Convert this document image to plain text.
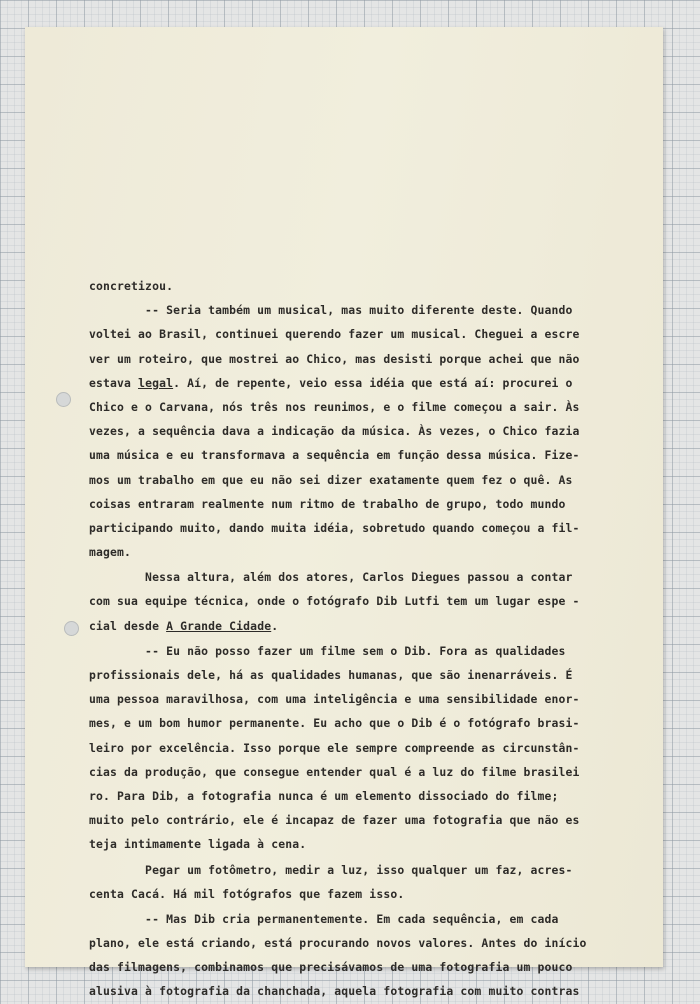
concretizou.
-- Seria também um musical, mas muito diferente deste. Quando
voltei ao Brasil, continuei querendo fazer um musical. Cheguei a escre
ver um roteiro, que mostrei ao Chico, mas desisti porque achei que não
estava legal. Aí, de repente, veio essa idéia que está aí: procurei o
Chico e o Carvana, nós três nos reunimos, e o filme começou a sair. Às
vezes, a sequência dava a indicação da música. Às vezes, o Chico fazia
uma música e eu transformava a sequência em função dessa música. Fize-
mos um trabalho em que eu não sei dizer exatamente quem fez o quê. As
coisas entraram realmente num ritmo de trabalho de grupo, todo mundo
participando muito, dando muita idéia, sobretudo quando começou a fil-
magem.
Nessa altura, além dos atores, Carlos Diegues passou a contar
com sua equipe técnica, onde o fotógrafo Dib Lutfi tem um lugar espe -
cial desde A Grande Cidade.
-- Eu não posso fazer um filme sem o Dib. Fora as qualidades
profissionais dele, há as qualidades humanas, que são inenarráveis. É
uma pessoa maravilhosa, com uma inteligência e uma sensibilidade enor-
mes, e um bom humor permanente. Eu acho que o Dib é o fotógrafo brasi-
leiro por excelência. Isso porque ele sempre compreende as circunstân-
cias da produção, que consegue entender qual é a luz do filme brasilei
ro. Para Dib, a fotografia nunca é um elemento dissociado do filme;
muito pelo contrário, ele é incapaz de fazer uma fotografia que não es
teja intimamente ligada à cena.
Pegar um fotômetro, medir a luz, isso qualquer um faz, acres-
centa Cacá. Há mil fotógrafos que fazem isso.
-- Mas Dib cria permanentemente. Em cada sequência, em cada
plano, ele está criando, está procurando novos valores. Antes do início
das filmagens, combinamos que precisávamos de uma fotografia um pouco
alusiva à fotografia da chanchada, aquela fotografia com muito contras
